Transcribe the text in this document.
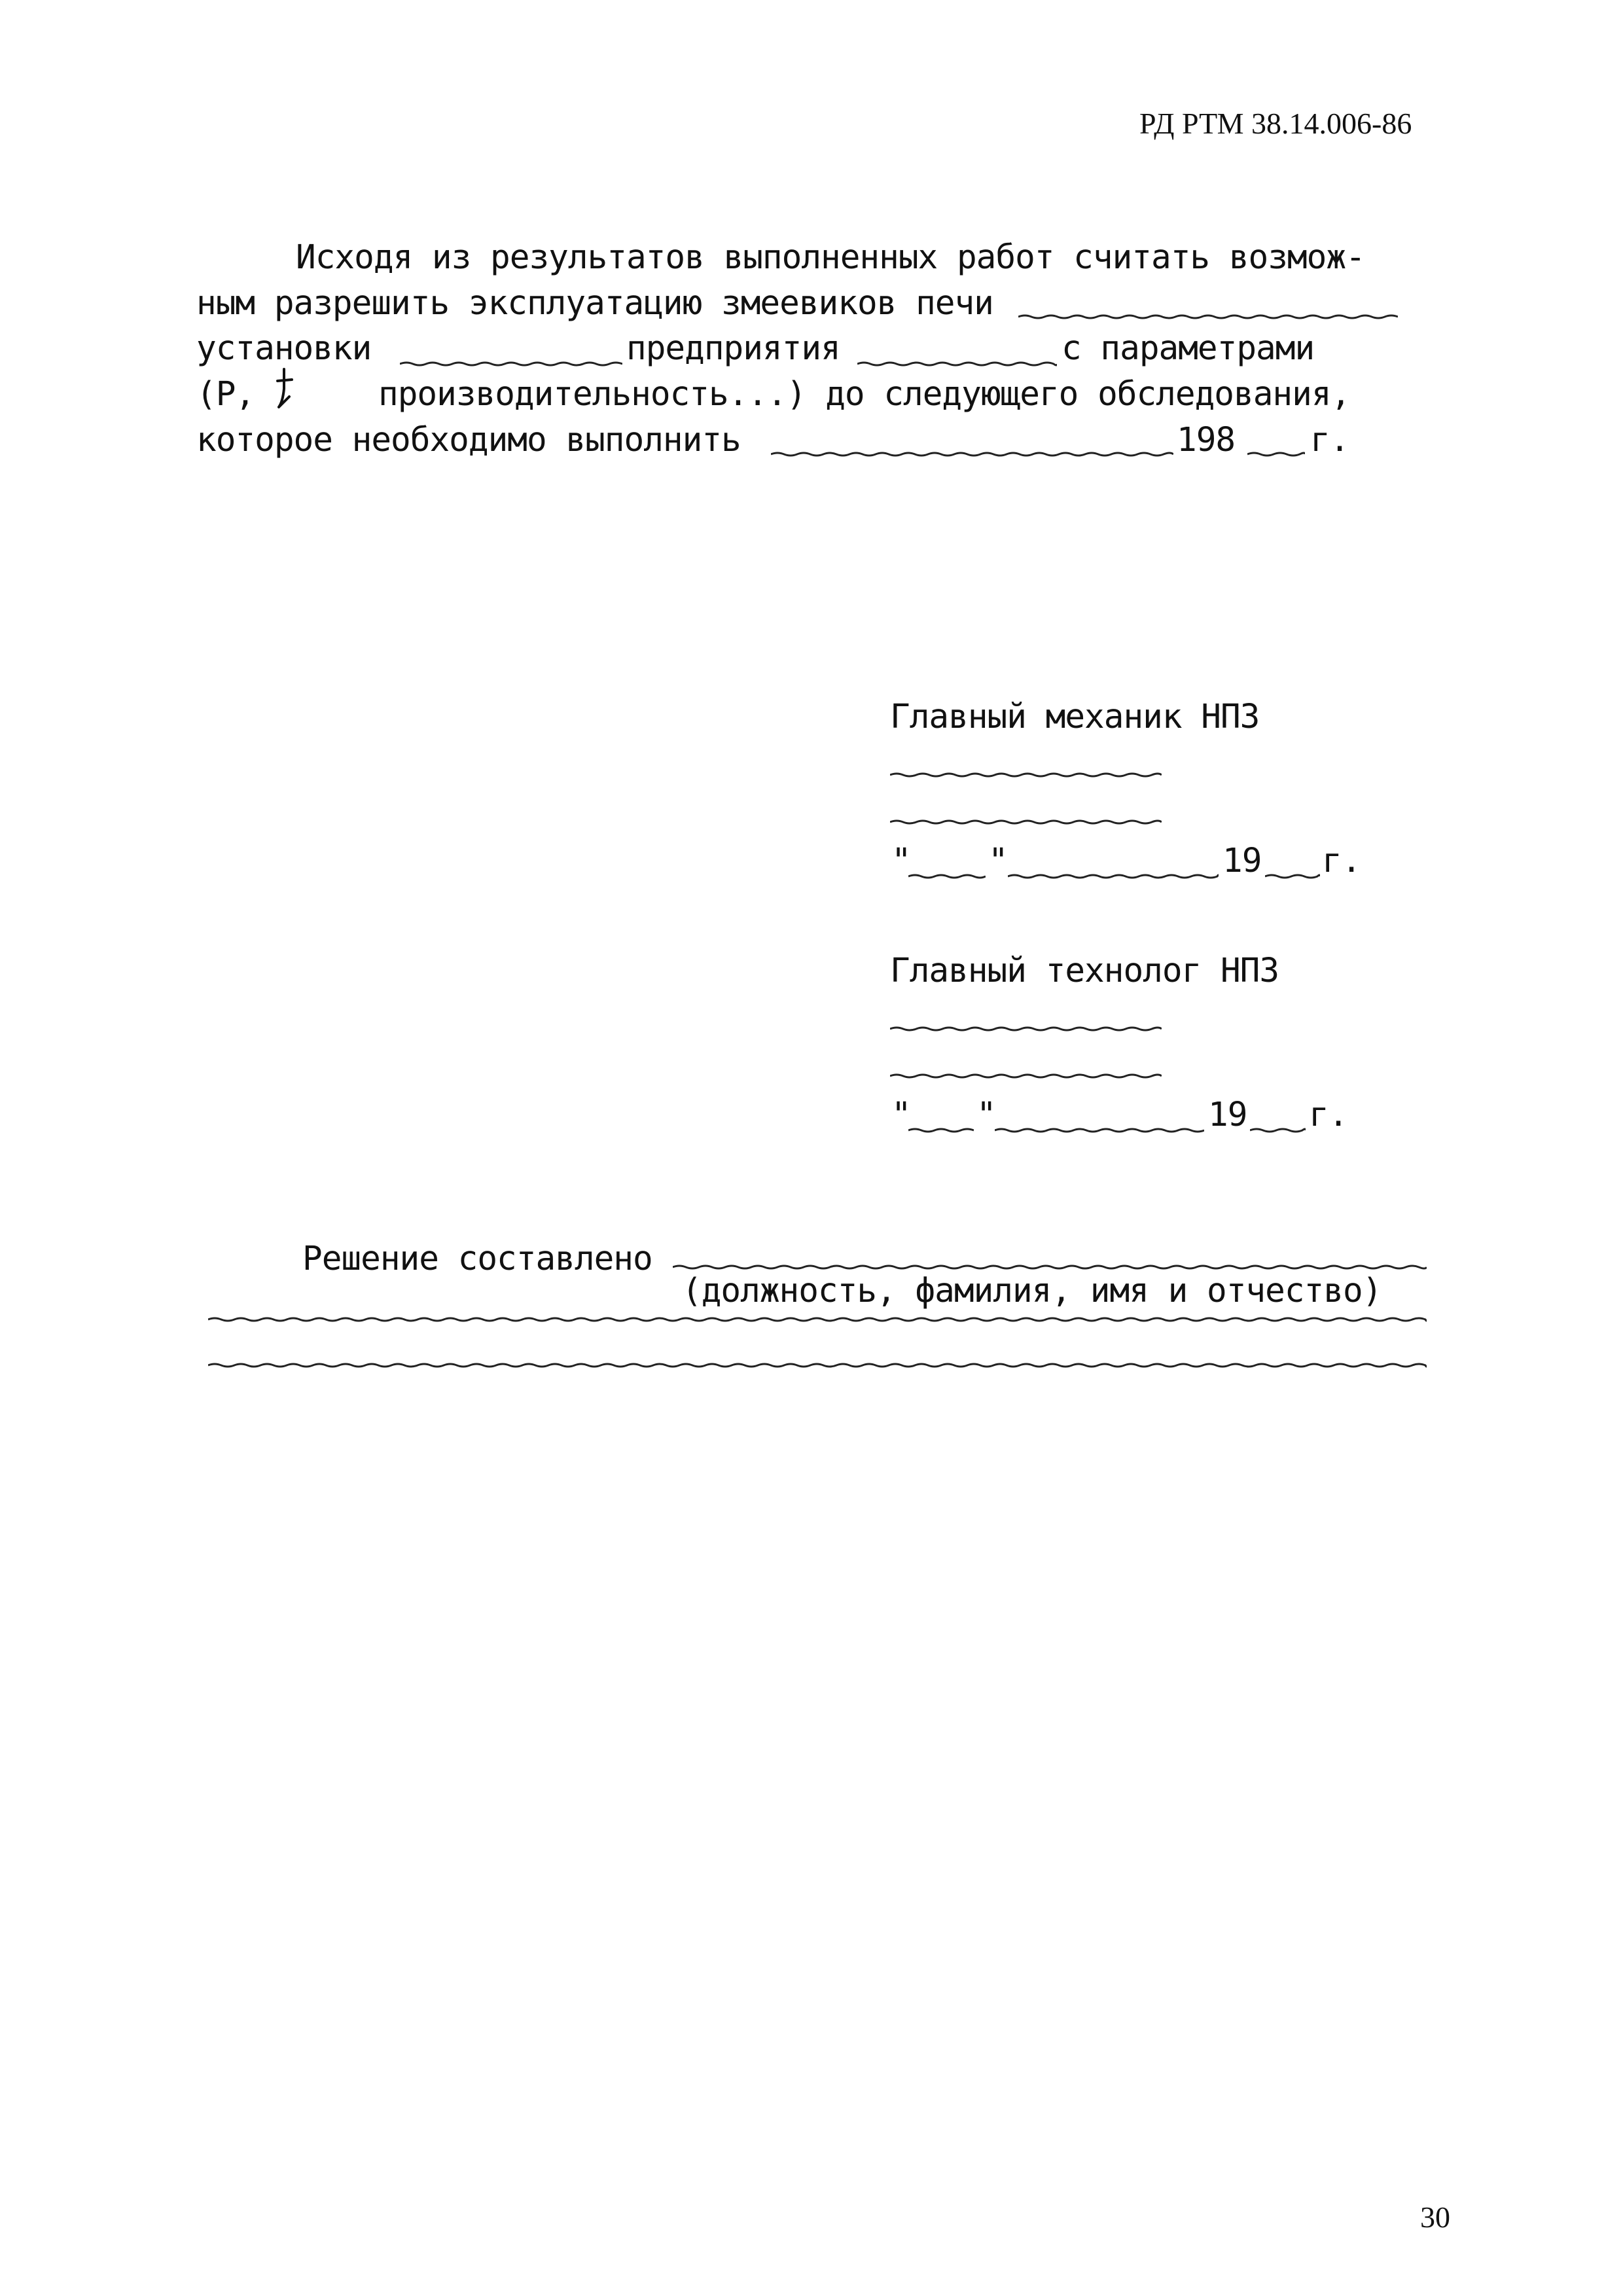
РД РТМ 38.14.006-86
Исходя из результатов выполненных работ считать возмож-
ным разрешить эксплуатацию змеевиков печи
установки	предприятия	с параметрами
(Р,	производительность...) до следующего обследования,
которое необходимо выполнить	198 г.
Главный механик НПЗ
" "	19 г.
Главный технолог НПЗ
" "	19 г.
Решение составлено
(должность, фамилия, имя и отчество)
30
